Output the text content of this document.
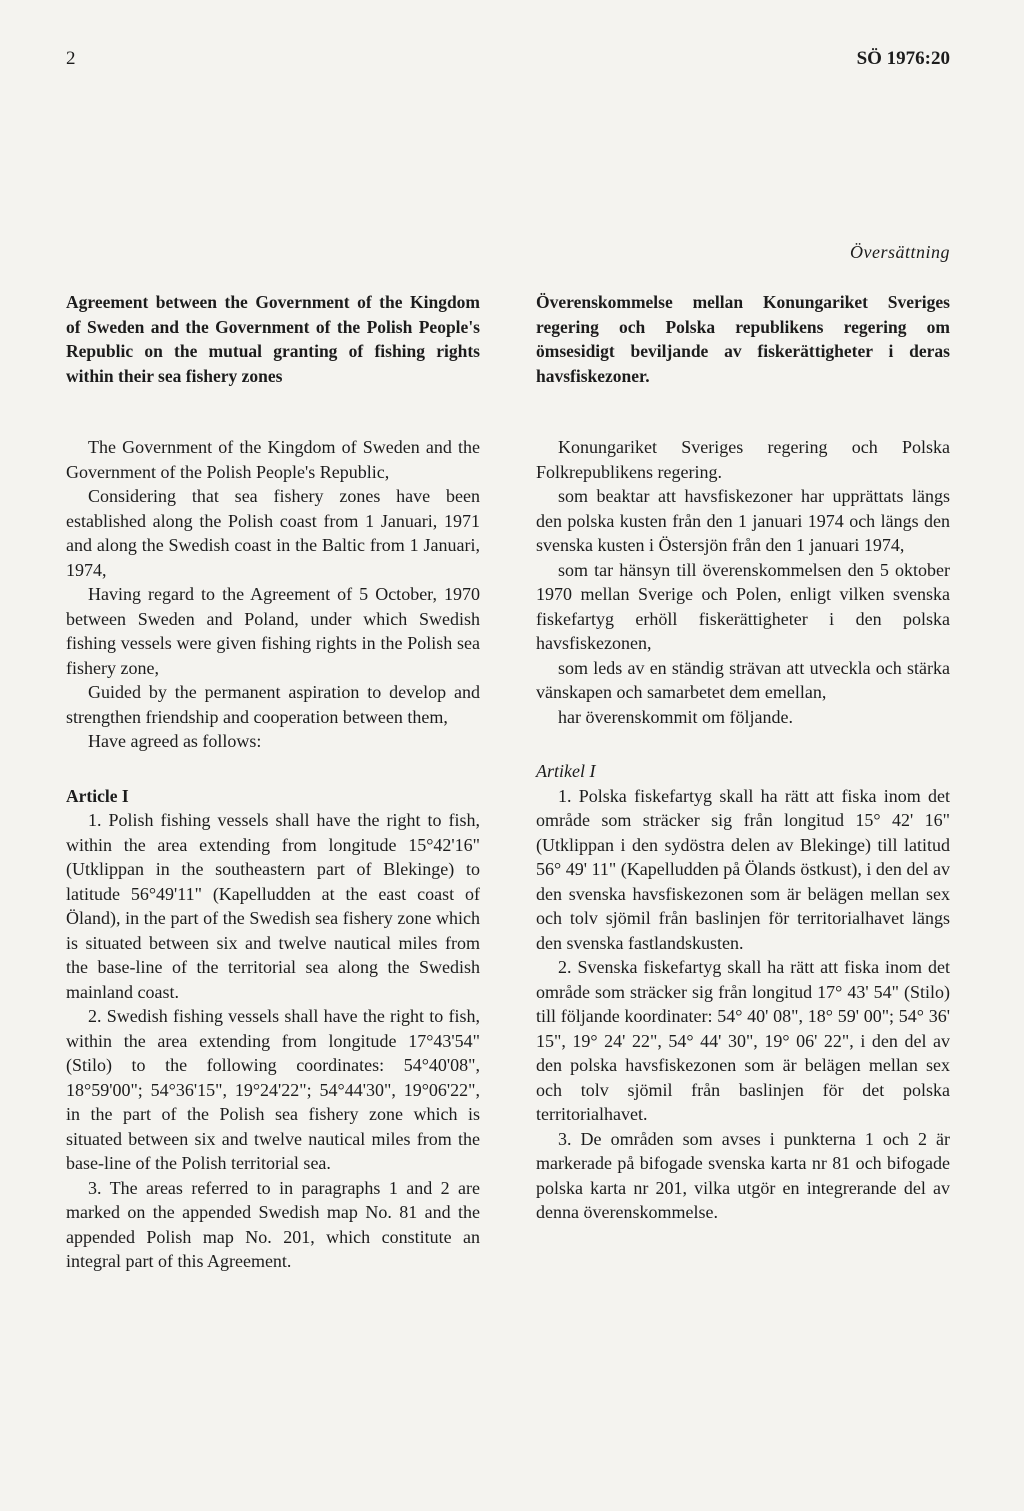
2	SÖ 1976:20
Översättning

Agreement between the Government of the Kingdom of Sweden and the Government of the Polish People's Republic on the mutual granting of fishing rights within their sea fishery zones

The Government of the Kingdom of Sweden and the Government of the Polish People's Republic,

Considering that sea fishery zones have been established along the Polish coast from 1 Januari, 1971 and along the Swedish coast in the Baltic from 1 Januari, 1974,

Having regard to the Agreement of 5 October, 1970 between Sweden and Poland, under which Swedish fishing vessels were given fishing rights in the Polish sea fishery zone,

Guided by the permanent aspiration to develop and strengthen friendship and cooperation between them,

Have agreed as follows:

Article I

1. Polish fishing vessels shall have the right to fish, within the area extending from longitude 15°42'16" (Utklippan in the southeastern part of Blekinge) to latitude 56°49'11" (Kapelludden at the east coast of Öland), in the part of the Swedish sea fishery zone which is situated between six and twelve nautical miles from the base-line of the territorial sea along the Swedish mainland coast.

2. Swedish fishing vessels shall have the right to fish, within the area extending from longitude 17°43'54" (Stilo) to the following coordinates: 54°40'08", 18°59'00"; 54°36'15", 19°24'22"; 54°44'30", 19°06'22", in the part of the Polish sea fishery zone which is situated between six and twelve nautical miles from the base-line of the Polish territorial sea.

3. The areas referred to in paragraphs 1 and 2 are marked on the appended Swedish map No. 81 and the appended Polish map No. 201, which constitute an integral part of this Agreement.

Överenskommelse mellan Konungariket Sveriges regering och Polska republikens regering om ömsesidigt beviljande av fiskerättigheter i deras havsfiskezoner.

Konungariket Sveriges regering och Polska Folkrepublikens regering.

som beaktar att havsfiskezoner har upprättats längs den polska kusten från den 1 januari 1974 och längs den svenska kusten i Östersjön från den 1 januari 1974,

som tar hänsyn till överenskommelsen den 5 oktober 1970 mellan Sverige och Polen, enligt vilken svenska fiskefartyg erhöll fiskerättigheter i den polska havsfiskezonen,

som leds av en ständig strävan att utveckla och stärka vänskapen och samarbetet dem emellan,

har överenskommit om följande.

Artikel I

1. Polska fiskefartyg skall ha rätt att fiska inom det område som sträcker sig från longitud 15° 42' 16" (Utklippan i den sydöstra delen av Blekinge) till latitud 56° 49' 11" (Kapelludden på Ölands östkust), i den del av den svenska havsfiskezonen som är belägen mellan sex och tolv sjömil från baslinjen för territorialhavet längs den svenska fastlandskusten.

2. Svenska fiskefartyg skall ha rätt att fiska inom det område som sträcker sig från longitud 17° 43' 54" (Stilo) till följande koordinater: 54° 40' 08", 18° 59' 00"; 54° 36' 15", 19° 24' 22", 54° 44' 30", 19° 06' 22", i den del av den polska havsfiskezonen som är belägen mellan sex och tolv sjömil från baslinjen för det polska territorialhavet.

3. De områden som avses i punkterna 1 och 2 är markerade på bifogade svenska karta nr 81 och bifogade polska karta nr 201, vilka utgör en integrerande del av denna överenskommelse.
